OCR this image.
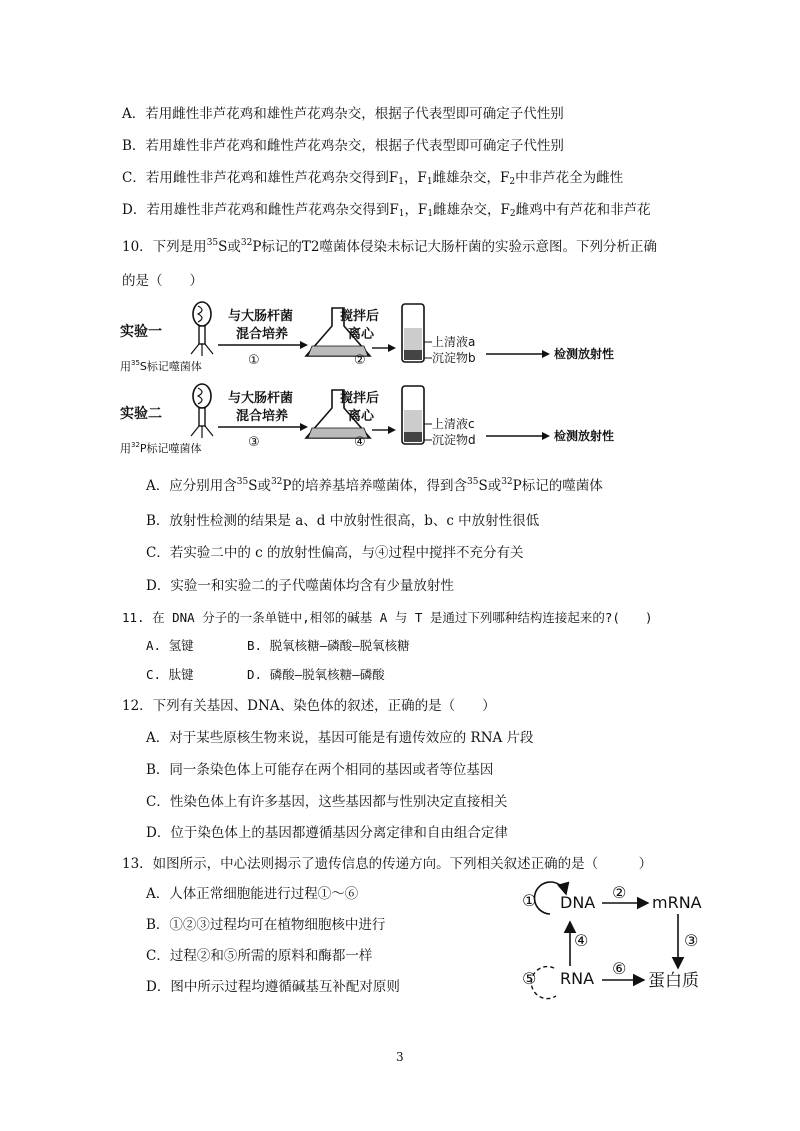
A．若用雌性非芦花鸡和雄性芦花鸡杂交，根据子代表型即可确定子代性别
B．若用雄性非芦花鸡和雌性芦花鸡杂交，根据子代表型即可确定子代性别
C．若用雌性非芦花鸡和雄性芦花鸡杂交得到$F_1$，$F_1$雌雄杂交，$F_2$中非芦花全为雌性
D．若用雄性非芦花鸡和雌性芦花鸡杂交得到$F_1$，$F_1$雌雄杂交，$F_2$雌鸡中有芦花和非芦花
10．下列是用$^{35}$S或$^{32}$P标记的T2噬菌体侵染未标记大肠杆菌的实验示意图。下列分析正确
的是（　　）
实验一
用$^{35}$S标记噬菌体
与大肠杆菌
混合培养
①
搅拌后
离心
②
上清液a
沉淀物b	检测放射性
实验二
用$^{32}$P标记噬菌体
与大肠杆菌
混合培养
③
搅拌后
离心
④
上清液c
沉淀物d	检测放射性
A．应分别用含$^{35}$S或$^{32}$P的培养基培养噬菌体，得到含$^{35}$S或$^{32}$P标记的噬菌体
B．放射性检测的结果是 a、d 中放射性很高，b、c 中放射性很低
C．若实验二中的 c 的放射性偏高，与④过程中搅拌不充分有关
D．实验一和实验二的子代噬菌体均含有少量放射性
11. 在 DNA 分子的一条单链中,相邻的碱基 A 与 T 是通过下列哪种结构连接起来的?(　　)
A. 氢键	B. 脱氧核糖—磷酸—脱氧核糖
C. 肽键	D. 磷酸—脱氧核糖—磷酸
12．下列有关基因、DNA、染色体的叙述，正确的是（　　）
A．对于某些原核生物来说，基因可能是有遗传效应的 RNA 片段
B．同一条染色体上可能存在两个相同的基因或者等位基因
C．性染色体上有许多基因，这些基因都与性别决定直接相关
D．位于染色体上的基因都遵循基因分离定律和自由组合定律
13．如图所示，中心法则揭示了遗传信息的传递方向。下列相关叙述正确的是（　　　）
A．人体正常细胞能进行过程①～⑥
B．①②③过程均可在植物细胞核中进行
C．过程②和⑤所需的原料和酶都一样
D．图中所示过程均遵循碱基互补配对原则
① DNA
②
mRNA
③
④
⑤ RNA
⑥
蛋白质
3
